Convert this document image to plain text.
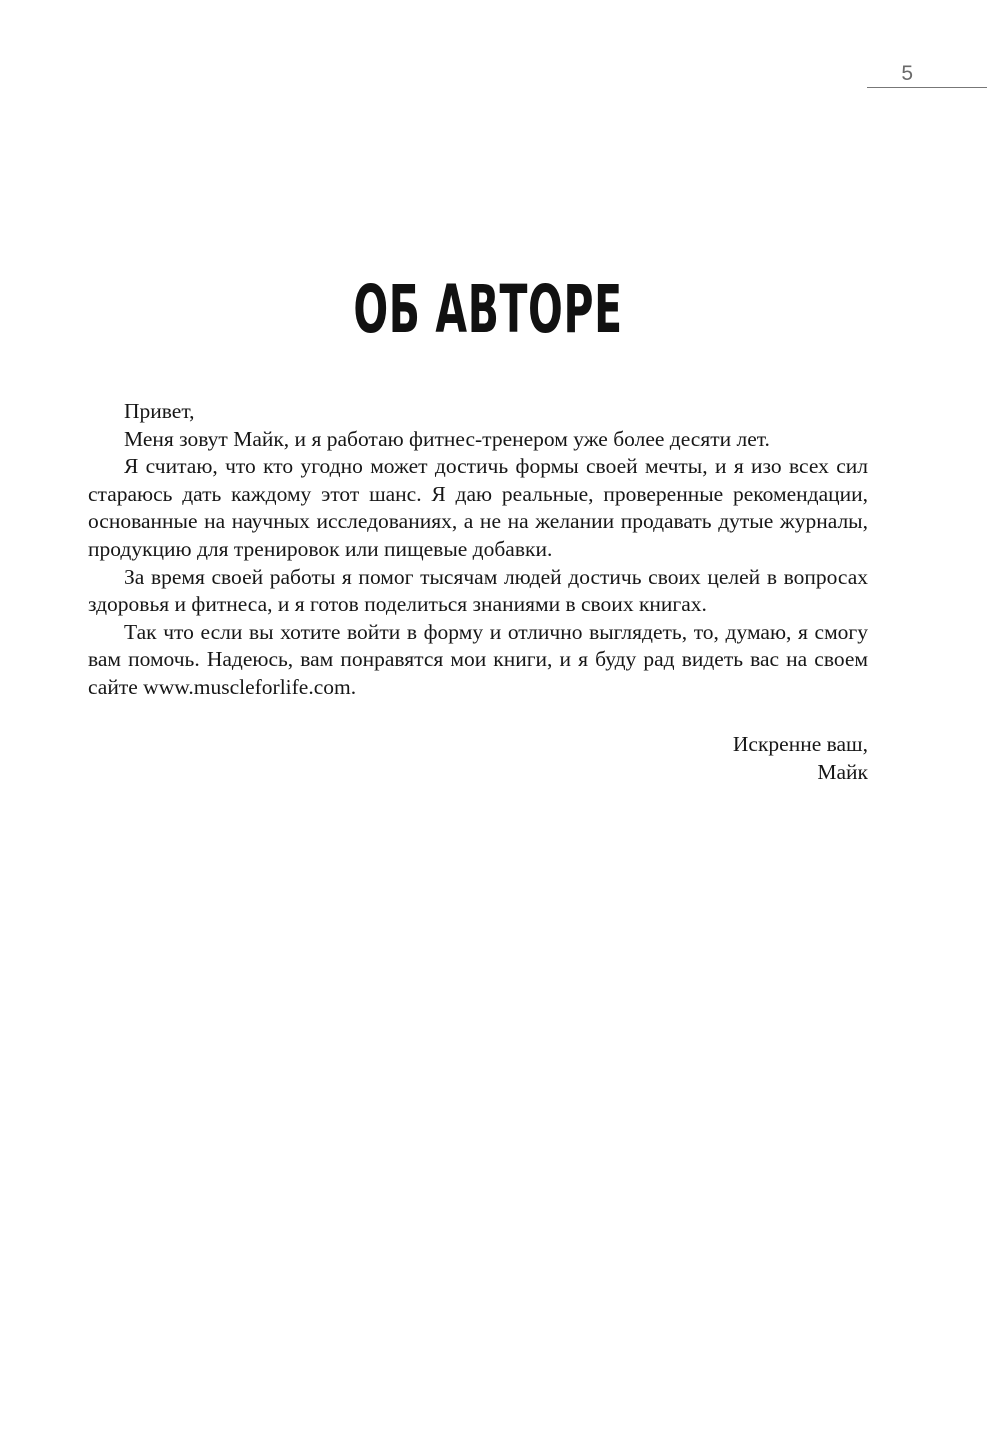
5
ОБ АВТОРЕ

Привет,

Меня зовут Майк, и я работаю фитнес-тренером уже более десяти лет.

Я считаю, что кто угодно может достичь формы своей мечты, и я изо всех сил стараюсь дать каждому этот шанс. Я даю реальные, проверенные рекомендации, основанные на научных исследованиях, а не на желании продавать дутые журналы, продукцию для тренировок или пищевые добавки.

За время своей работы я помог тысячам людей достичь своих целей в вопросах здоровья и фитнеса, и я готов поделиться знаниями в своих книгах.

Так что если вы хотите войти в форму и отлично выглядеть, то, думаю, я смогу вам помочь. Надеюсь, вам понравятся мои книги, и я буду рад видеть вас на своем сайте www.muscleforlife.com.

Искренне ваш,
Майк
